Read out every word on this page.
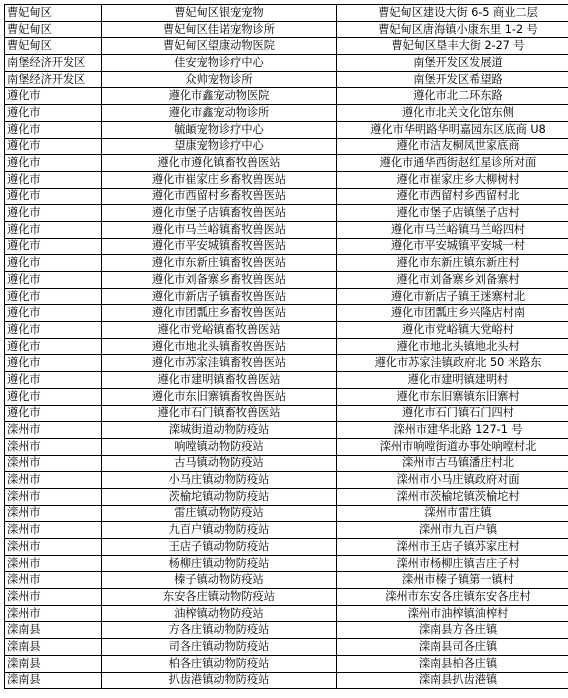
曹妃甸区	曹妃甸区银宠宠物	曹妃甸区建设大街 6-5 商业二层
曹妃甸区	曹妃甸区佳诺宠物诊所	曹妃甸区唐海镇小康东里 1-2 号
曹妃甸区	曹妃甸区望康动物医院	曹妃甸区垦丰大街 2-27 号
南堡经济开发区	佳安宠物诊疗中心	南堡开发区发展道
南堡经济开发区	众帅宠物诊所	南堡开发区希望路
遵化市	遵化市鑫宠动物医院	遵化市北二环东路
遵化市	遵化市鑫宠动物诊所	遵化市北关文化馆东侧
遵化市	毓頔宠物诊疗中心	遵化市华明路华明嘉园东区底商 U8
遵化市	望康宠物诊疗中心	遵化市洁友桐凤世家底商
遵化市	遵化市遵化镇畜牧兽医站	遵化市通华西街赵红星诊所对面
遵化市	遵化市崔家庄乡畜牧兽医站	遵化市崔家庄乡大柳树村
遵化市	遵化市西留村乡畜牧兽医站	遵化市西留村乡西留村北
遵化市	遵化市堡子店镇畜牧兽医站	遵化市堡子店镇堡子店村
遵化市	遵化市马兰峪镇畜牧兽医站	遵化市马兰峪镇马兰峪四村
遵化市	遵化市平安城镇畜牧兽医站	遵化市平安城镇平安城一村
遵化市	遵化市东新庄镇畜牧兽医站	遵化市东新庄镇东新庄村
遵化市	遵化市刘备寨乡畜牧兽医站	遵化市刘备寨乡刘备寨村
遵化市	遵化市新店子镇畜牧兽医站	遵化市新店子镇王迷寨村北
遵化市	遵化市团瓢庄乡畜牧兽医站	遵化市团瓢庄乡兴隆店村南
遵化市	遵化市党峪镇畜牧兽医站	遵化市党峪镇大党峪村
遵化市	遵化市地北头镇畜牧兽医站	遵化市地北头镇地北头村
遵化市	遵化市苏家洼镇畜牧兽医站	遵化市苏家洼镇政府北 50 米路东
遵化市	遵化市建明镇畜牧兽医站	遵化市建明镇建明村
遵化市	遵化市东旧寨镇畜牧兽医站	遵化市东旧寨镇东旧寨村
遵化市	遵化市石门镇畜牧兽医站	遵化市石门镇石门四村
滦州市	滦城街道动物防疫站	滦州市建华北路 127-1 号
滦州市	响嘡镇动物防疫站	滦州市响嘡街道办事处响嘡村北
滦州市	古马镇动物防疫站	滦州市古马镇潘庄村北
滦州市	小马庄镇动物防疫站	滦州市小马庄镇政府对面
滦州市	茨榆坨镇动物防疫站	滦州市茨榆坨镇茨榆坨村
滦州市	雷庄镇动物防疫站	滦州市雷庄镇
滦州市	九百户镇动物防疫站	滦州市九百户镇
滦州市	王店子镇动物防疫站	滦州市王店子镇苏家庄村
滦州市	杨柳庄镇动物防疫站	滦州市杨柳庄镇吉庄子村
滦州市	榛子镇动物防疫站	滦州市榛子镇第一镇村
滦州市	东安各庄镇动物防疫站	滦州市东安各庄镇东安各庄村
滦州市	油榨镇动物防疫站	滦州市油榨镇油榨村
滦南县	方各庄镇动物防疫站	滦南县方各庄镇
滦南县	司各庄镇动物防疫站	滦南县司各庄镇
滦南县	柏各庄镇动物防疫站	滦南县柏各庄镇
滦南县	扒齿港镇动物防疫站	滦南县扒齿港镇
